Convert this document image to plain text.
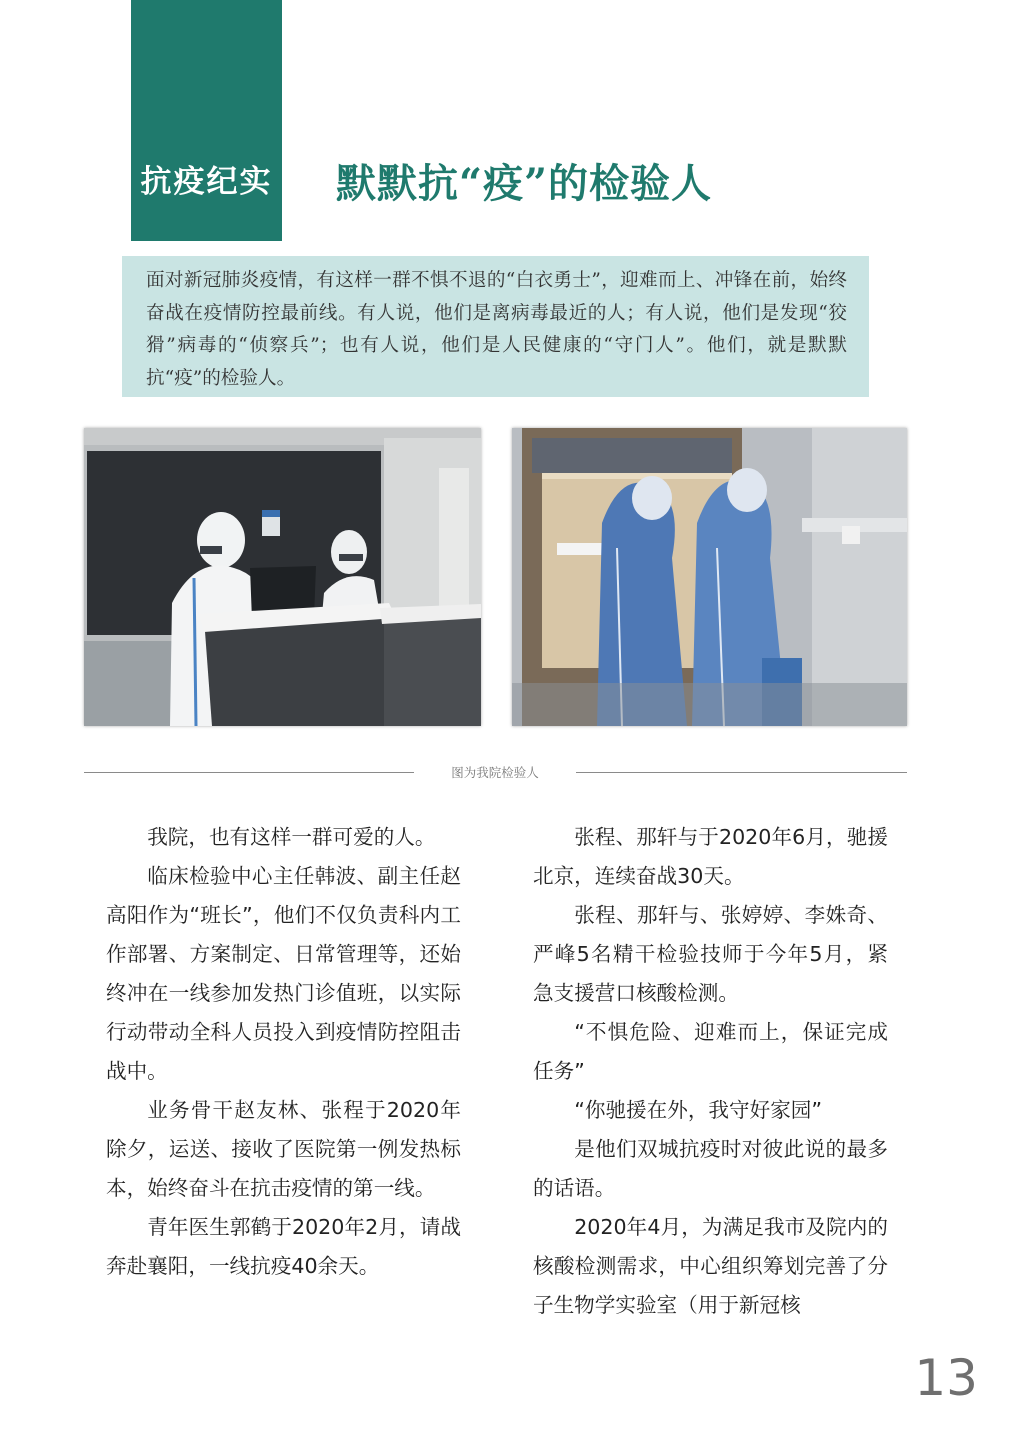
抗疫纪实 默默抗“疫”的检验人

面对新冠肺炎疫情，有这样一群不惧不退的“白衣勇士”，迎难而上、冲锋在前，始终奋战在疫情防控最前线。有人说，他们是离病毒最近的人；有人说，他们是发现“狡猾”病毒的“侦察兵”；也有人说，他们是人民健康的“守门人”。他们，就是默默抗“疫”的检验人。

图为我院检验人

我院，也有这样一群可爱的人。

临床检验中心主任韩波、副主任赵高阳作为“班长”，他们不仅负责科内工作部署、方案制定、日常管理等，还始终冲在一线参加发热门诊值班，以实际行动带动全科人员投入到疫情防控阻击战中。

业务骨干赵友林、张程于2020年除夕，运送、接收了医院第一例发热标本，始终奋斗在抗击疫情的第一线。

青年医生郭鹤于2020年2月，请战奔赴襄阳，一线抗疫40余天。

张程、那轩与于2020年6月，驰援北京，连续奋战30天。

张程、那轩与、张婷婷、李姝奇、严峰5名精干检验技师于今年5月，紧急支援营口核酸检测。

“不惧危险、迎难而上，保证完成任务”

“你驰援在外，我守好家园”

是他们双城抗疫时对彼此说的最多的话语。

2020年4月，为满足我市及院内的核酸检测需求，中心组织筹划完善了分子生物学实验室（用于新冠核

13
